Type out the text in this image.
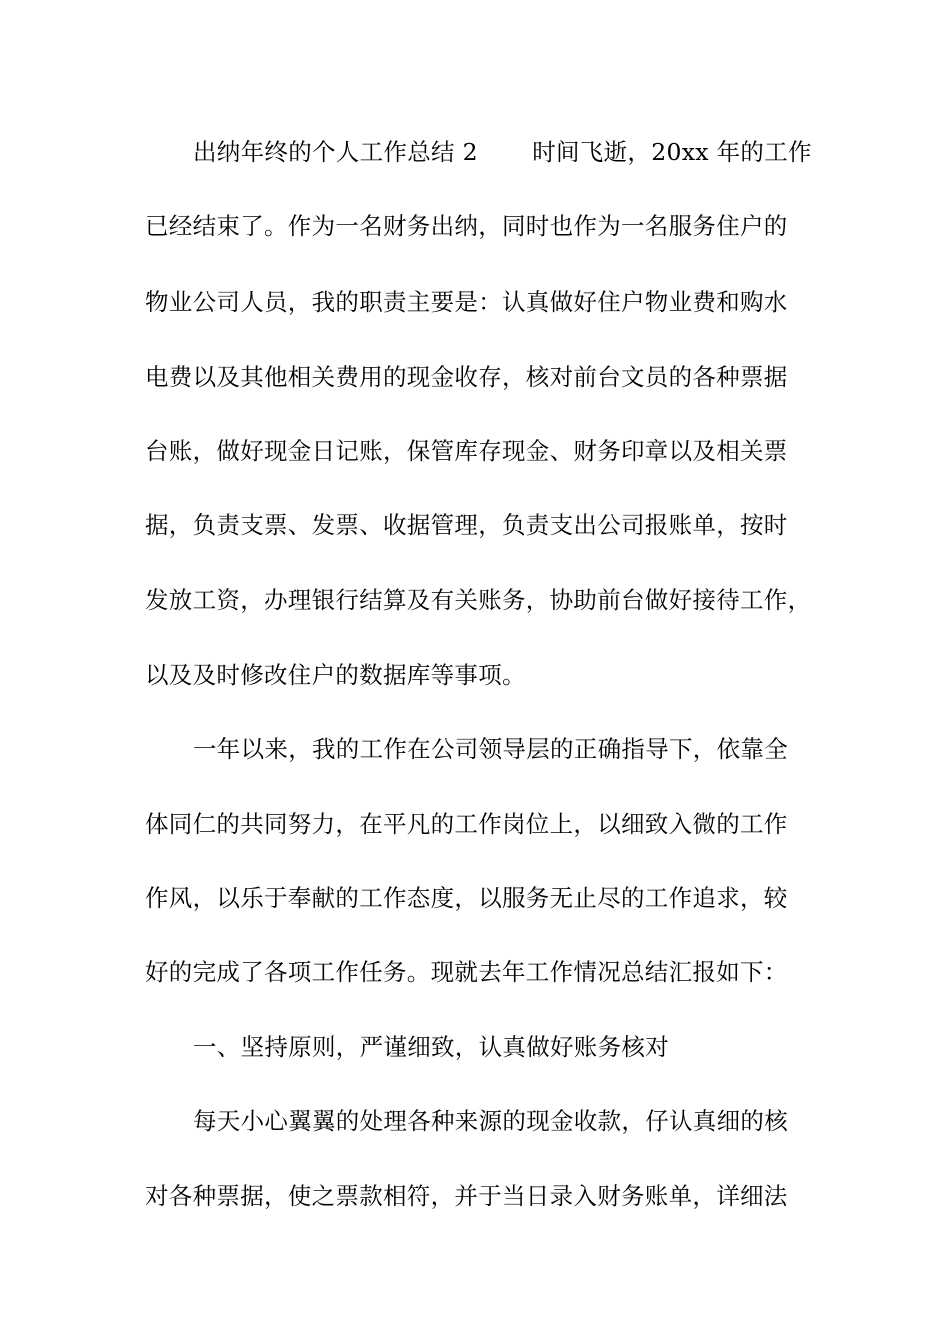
出纳年终的个人工作总结 2       时间飞逝，20xx 年的工作
已经结束了。作为一名财务出纳，同时也作为一名服务住户的
物业公司人员，我的职责主要是：认真做好住户物业费和购水
电费以及其他相关费用的现金收存，核对前台文员的各种票据
台账，做好现金日记账，保管库存现金、财务印章以及相关票
据，负责支票、发票、收据管理，负责支出公司报账单，按时
发放工资，办理银行结算及有关账务，协助前台做好接待工作，
以及及时修改住户的数据库等事项。
一年以来，我的工作在公司领导层的正确指导下，依靠全
体同仁的共同努力，在平凡的工作岗位上，以细致入微的工作
作风，以乐于奉献的工作态度，以服务无止尽的工作追求，较
好的完成了各项工作任务。现就去年工作情况总结汇报如下：
一、坚持原则，严谨细致，认真做好账务核对
每天小心翼翼的处理各种来源的现金收款，仔认真细的核
对各种票据，使之票款相符，并于当日录入财务账单，详细法
